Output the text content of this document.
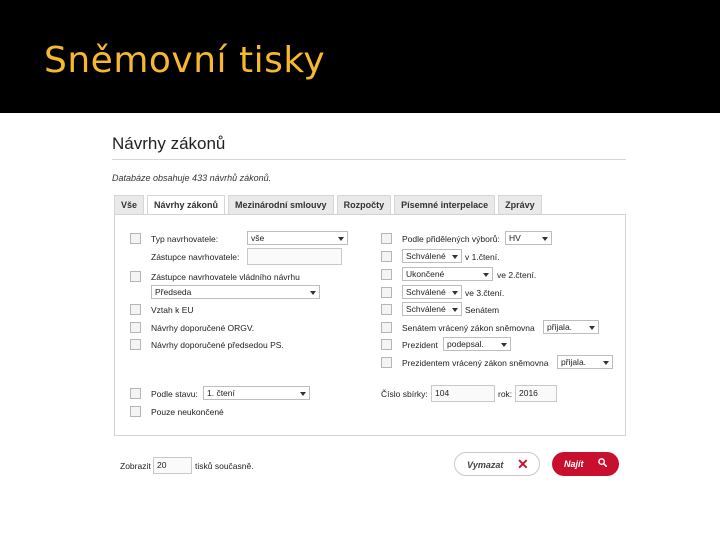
Sněmovní tisky
Návrhy zákonů
Databáze obsahuje 433 návrhů zákonů.
Vše	Návrhy zákonů	Mezinárodní smlouvy	Rozpočty	Písemné interpelace	Zprávy
Typ navrhovatele:	vše
Zástupce navrhovatele:
Zástupce navrhovatele vládního návrhu
Předseda
Vztah k EU
Návrhy doporučené ORGV.
Návrhy doporučené předsedou PS.
Podle stavu:	1. čtení
Pouze neukončené
Podle přidělených výborů:	HV
Schválené	v 1.čtení.
Ukončené	ve 2.čtení.
Schválené	ve 3.čtení.
Schválené	Senátem
Senátem vrácený zákon sněmovna	přijala.
Prezident	podepsal.
Prezidentem vrácený zákon sněmovna	přijala.
Číslo sbírky: 104	rok: 2016
Zobrazit 20	tisků současně.	Vymazat ✕	Najít
